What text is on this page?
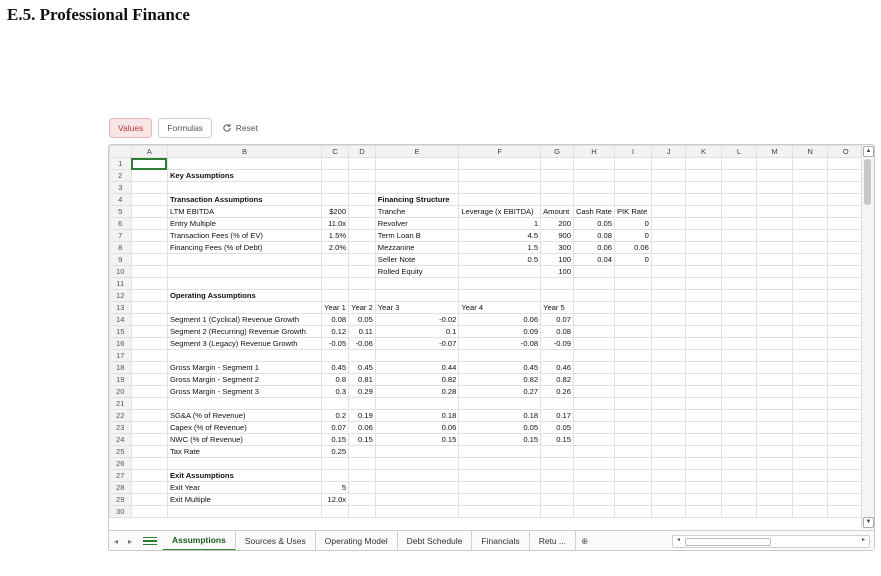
E.5. Professional Finance
Values	Formulas	Reset
	A	B	C	D	E	F	G	H	I	J	K	L	M	N	O
1															
2		Key Assumptions													
3															
4		Transaction Assumptions			Financing Structure										
5		LTM EBITDA	$200		Tranche	Leverage (x EBITDA)	Amount	Cash Rate	PIK Rate						
6		Entry Multiple	11.0x		Revolver	1	200	0.05	0						
7		Transaction Fees (% of EV)	1.5%		Term Loan B	4.5	900	0.08	0						
8		Financing Fees (% of Debt)	2.0%		Mezzanine	1.5	300	0.06	0.06						
9					Seller Note	0.5	100	0.04	0						
10					Rolled Equity		100								
11															
12		Operating Assumptions													
13			Year 1	Year 2	Year 3	Year 4	Year 5								
14		Segment 1 (Cyclical) Revenue Growth	0.08	0.05	-0.02	0.06	0.07								
15		Segment 2 (Recurring) Revenue Growth	0.12	0.11	0.1	0.09	0.08								
16		Segment 3 (Legacy) Revenue Growth	-0.05	-0.06	-0.07	-0.08	-0.09								
17															
18		Gross Margin - Segment 1	0.45	0.45	0.44	0.45	0.46								
19		Gross Margin - Segment 2	0.8	0.81	0.82	0.82	0.82								
20		Gross Margin - Segment 3	0.3	0.29	0.28	0.27	0.26								
21															
22		SG&A (% of Revenue)	0.2	0.19	0.18	0.18	0.17								
23		Capex (% of Revenue)	0.07	0.06	0.06	0.05	0.05								
24		NWC (% of Revenue)	0.15	0.15	0.15	0.15	0.15								
25		Tax Rate	0.25												
26															
27		Exit Assumptions													
28		Exit Year	5												
29		Exit Multiple	12.0x												
30															
▲
▼
◂	▸	Assumptions	Sources & Uses	Operating Model	Debt Schedule	Financials	Retu ...	⊕	◂	▸
